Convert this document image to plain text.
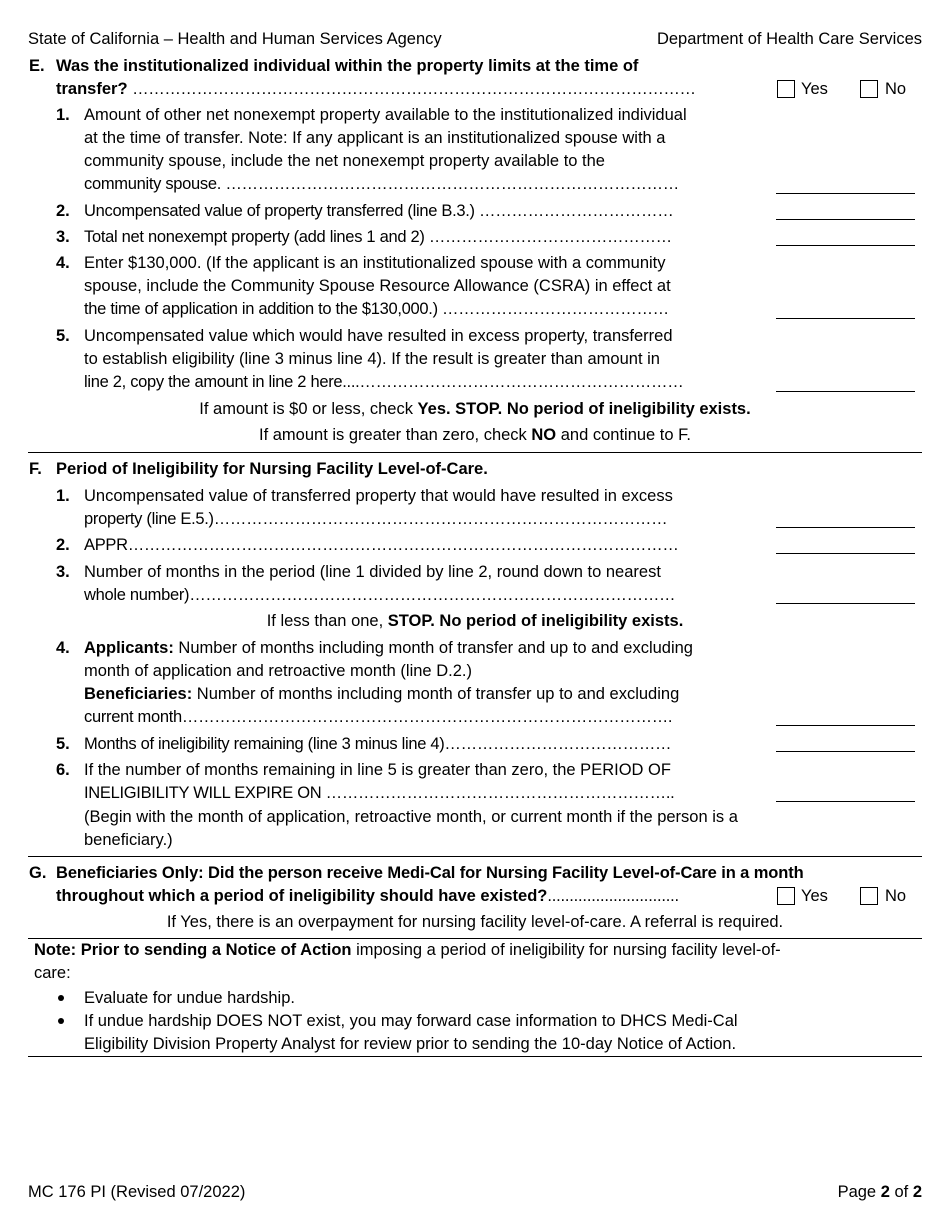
State of California – Health and Human Services Agency	Department of Health Care Services
E. Was the institutionalized individual within the property limits at the time of
transfer? ……………………………………………………………………………………………	Yes	No
1. Amount of other net nonexempt property available to the institutionalized individual
at the time of transfer. Note: If any applicant is an institutionalized spouse with a
community spouse, include the net nonexempt property available to the
community spouse. …………………………………………………………………………
2. Uncompensated value of property transferred (line B.3.) ………………………………
3. Total net nonexempt property (add lines 1 and 2) ………………………………………
4. Enter $130,000. (If the applicant is an institutionalized spouse with a community
spouse, include the Community Spouse Resource Allowance (CSRA) in effect at
the time of application in addition to the $130,000.) ……………………………………
5. Uncompensated value which would have resulted in excess property, transferred
to establish eligibility (line 3 minus line 4). If the result is greater than amount in
line 2, copy the amount in line 2 here....……………………………………………………
If amount is $0 or less, check Yes. STOP. No period of ineligibility exists.
If amount is greater than zero, check NO and continue to F.
F. Period of Ineligibility for Nursing Facility Level-of-Care.
1. Uncompensated value of transferred property that would have resulted in excess
property (line E.5.)…………………………………………………………………………
2. APPR…………………………………………………………………………………………
3. Number of months in the period (line 1 divided by line 2, round down to nearest
whole number)………………………………………………………………………………
If less than one, STOP. No period of ineligibility exists.
4. Applicants: Number of months including month of transfer and up to and excluding
month of application and retroactive month (line D.2.)
Beneficiaries: Number of months including month of transfer up to and excluding
current month……………………………………………………………………………….
5. Months of ineligibility remaining (line 3 minus line 4)……………………………………
6. If the number of months remaining in line 5 is greater than zero, the PERIOD OF
INELIGIBILITY WILL EXPIRE ON ………………………………………………………..
(Begin with the month of application, retroactive month, or current month if the person is a
beneficiary.)
G. Beneficiaries Only: Did the person receive Medi-Cal for Nursing Facility Level-of-Care in a month
throughout which a period of ineligibility should have existed?..............................	Yes	No
If Yes, there is an overpayment for nursing facility level-of-care. A referral is required.
Note: Prior to sending a Notice of Action imposing a period of ineligibility for nursing facility level-of-
care:
Evaluate for undue hardship.
If undue hardship DOES NOT exist, you may forward case information to DHCS Medi-Cal
Eligibility Division Property Analyst for review prior to sending the 10-day Notice of Action.
MC 176 PI (Revised 07/2022)	Page 2 of 2
